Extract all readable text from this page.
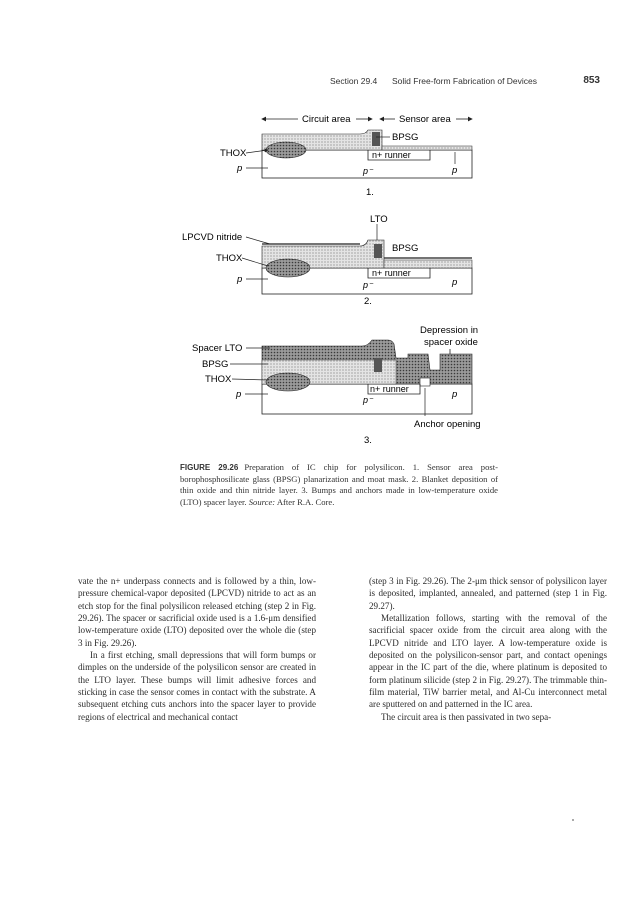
Section 29.4 Solid Free-form Fabrication of Devices	853
Circuit area	Sensor area
BPSG
THOX
p
n+ runner
p⁻	p
1.
LTO
LPCVD nitride
BPSG
THOX
p
n+ runner
p⁻	p
2.
Depression in
spacer oxide
Spacer LTO
BPSG
THOX
p	n+ runner
p⁻	p
Anchor opening
3.
FIGURE 29.26 Preparation of IC chip for polysilicon. 1. Sensor area post-borophosphosilicate glass (BPSG) planarization and moat mask. 2. Blanket deposition of thin oxide and thin nitride layer. 3. Bumps and anchors made in low-temperature oxide (LTO) spacer layer. Source: After R.A. Core.

vate the n+ underpass connects and is followed by a thin, low-pressure chemical-vapor deposited (LPCVD) nitride to act as an etch stop for the final polysilicon released etching (step 2 in Fig. 29.26). The spacer or sacrificial oxide used is a 1.6-μm densified low-temperature oxide (LTO) deposited over the whole die (step 3 in Fig. 29.26).

In a first etching, small depressions that will form bumps or dimples on the underside of the polysilicon sensor are created in the LTO layer. These bumps will limit adhesive forces and sticking in case the sensor comes in contact with the substrate. A subsequent etching cuts anchors into the spacer layer to provide regions of electrical and mechanical contact

(step 3 in Fig. 29.26). The 2-μm thick sensor of polysilicon layer is deposited, implanted, annealed, and patterned (step 1 in Fig. 29.27).

Metallization follows, starting with the removal of the sacrificial spacer oxide from the circuit area along with the LPCVD nitride and LTO layer. A low-temperature oxide is deposited on the polysilicon-sensor part, and contact openings appear in the IC part of the die, where platinum is deposited to form platinum silicide (step 2 in Fig. 29.27). The trimmable thin-film material, TiW barrier metal, and Al-Cu interconnect metal are sputtered on and patterned in the IC area.

The circuit area is then passivated in two sepa-
